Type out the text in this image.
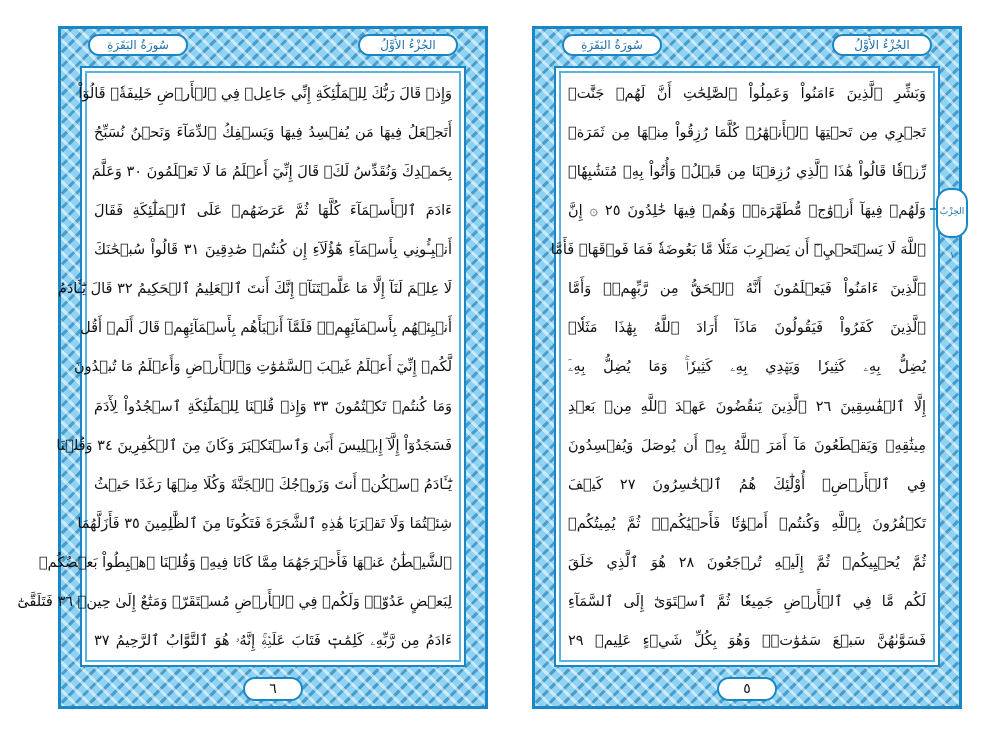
سُورَةُ البَقَرَةِ	الجُزْءُ الأَوَّلُ
وَإِذۡ قَالَ رَبُّكَ لِلۡمَلَٰٓئِكَةِ إِنِّي جَاعِلٞ فِي ٱلۡأَرۡضِ خَلِيفَةٗۖ قَالُوٓاْ
أَتَجۡعَلُ فِيهَا مَن يُفۡسِدُ فِيهَا وَيَسۡفِكُ ٱلدِّمَآءَ وَنَحۡنُ نُسَبِّحُ
بِحَمۡدِكَ وَنُقَدِّسُ لَكَۖ قَالَ إِنِّيٓ أَعۡلَمُ مَا لَا تَعۡلَمُونَ ٣٠ وَعَلَّمَ
ءَادَمَ ٱلۡأَسۡمَآءَ كُلَّهَا ثُمَّ عَرَضَهُمۡ عَلَى ٱلۡمَلَٰٓئِكَةِ فَقَالَ
أَنۢبِـُٔونِي بِأَسۡمَآءِ هَٰٓؤُلَآءِ إِن كُنتُمۡ صَٰدِقِينَ ٣١ قَالُواْ سُبۡحَٰنَكَ
لَا عِلۡمَ لَنَآ إِلَّا مَا عَلَّمۡتَنَآۖ إِنَّكَ أَنتَ ٱلۡعَلِيمُ ٱلۡحَكِيمُ ٣٢ قَالَ يَٰٓـَٔادَمُ
أَنۢبِئۡهُم بِأَسۡمَآئِهِمۡۖ فَلَمَّآ أَنۢبَأَهُم بِأَسۡمَآئِهِمۡ قَالَ أَلَمۡ أَقُل
لَّكُمۡ إِنِّيٓ أَعۡلَمُ غَيۡبَ ٱلسَّمَٰوَٰتِ وَٱلۡأَرۡضِ وَأَعۡلَمُ مَا تُبۡدُونَ
وَمَا كُنتُمۡ تَكۡتُمُونَ ٣٣ وَإِذۡ قُلۡنَا لِلۡمَلَٰٓئِكَةِ ٱسۡجُدُواْ لِأٓدَمَ
فَسَجَدُوٓاْ إِلَّآ إِبۡلِيسَ أَبَىٰ وَٱسۡتَكۡبَرَ وَكَانَ مِنَ ٱلۡكَٰفِرِينَ ٣٤ وَقُلۡنَا
يَٰٓـَٔادَمُ ٱسۡكُنۡ أَنتَ وَزَوۡجُكَ ٱلۡجَنَّةَ وَكُلَا مِنۡهَا رَغَدًا حَيۡثُ
شِئۡتُمَا وَلَا تَقۡرَبَا هَٰذِهِ ٱلشَّجَرَةَ فَتَكُونَا مِنَ ٱلظَّٰلِمِينَ ٣٥ فَأَزَلَّهُمَا
ٱلشَّيۡطَٰنُ عَنۡهَا فَأَخۡرَجَهُمَا مِمَّا كَانَا فِيهِۖ وَقُلۡنَا ٱهۡبِطُواْ بَعۡضُكُمۡ
لِبَعۡضٍ عَدُوّٞۖ وَلَكُمۡ فِي ٱلۡأَرۡضِ مُسۡتَقَرّٞ وَمَتَٰعٌ إِلَىٰ حِينٖ ٣٦ فَتَلَقَّىٰٓ
ءَادَمُ مِن رَّبِّهِۦ كَلِمَٰتٖ فَتَابَ عَلَيۡهِۚ إِنَّهُۥ هُوَ ٱلتَّوَّابُ ٱلرَّحِيمُ ٣٧
٦
سُورَةُ البَقَرَةِ	الجُزْءُ الأَوَّلُ
وَبَشِّرِ ٱلَّذِينَ ءَامَنُواْ وَعَمِلُواْ ٱلصَّٰلِحَٰتِ أَنَّ لَهُمۡ جَنَّٰتٖ
تَجۡرِي مِن تَحۡتِهَا ٱلۡأَنۡهَٰرُۖ كُلَّمَا رُزِقُواْ مِنۡهَا مِن ثَمَرَةٖ
رِّزۡقٗا قَالُواْ هَٰذَا ٱلَّذِي رُزِقۡنَا مِن قَبۡلُۖ وَأُتُواْ بِهِۦ مُتَشَٰبِهٗاۖ
وَلَهُمۡ فِيهَآ أَزۡوَٰجٞ مُّطَهَّرَةٞۖ وَهُمۡ فِيهَا خَٰلِدُونَ ٢٥ ۞ إِنَّ
ٱللَّهَ لَا يَسۡتَحۡيِۦٓ أَن يَضۡرِبَ مَثَلٗا مَّا بَعُوضَةٗ فَمَا فَوۡقَهَاۚ فَأَمَّا
ٱلَّذِينَ ءَامَنُواْ فَيَعۡلَمُونَ أَنَّهُ ٱلۡحَقُّ مِن رَّبِّهِمۡۖ وَأَمَّا
ٱلَّذِينَ كَفَرُواْ فَيَقُولُونَ مَاذَآ أَرَادَ ٱللَّهُ بِهَٰذَا مَثَلٗاۘ
يُضِلُّ بِهِۦ كَثِيرٗا وَيَهۡدِي بِهِۦ كَثِيرٗاۚ وَمَا يُضِلُّ بِهِۦٓ
إِلَّا ٱلۡفَٰسِقِينَ ٢٦ ٱلَّذِينَ يَنقُضُونَ عَهۡدَ ٱللَّهِ مِنۢ بَعۡدِ
مِيثَٰقِهِۦ وَيَقۡطَعُونَ مَآ أَمَرَ ٱللَّهُ بِهِۦٓ أَن يُوصَلَ وَيُفۡسِدُونَ
فِي ٱلۡأَرۡضِۚ أُوْلَٰٓئِكَ هُمُ ٱلۡخَٰسِرُونَ ٢٧ كَيۡفَ
تَكۡفُرُونَ بِٱللَّهِ وَكُنتُمۡ أَمۡوَٰتٗا فَأَحۡيَٰكُمۡۖ ثُمَّ يُمِيتُكُمۡ
ثُمَّ يُحۡيِيكُمۡ ثُمَّ إِلَيۡهِ تُرۡجَعُونَ ٢٨ هُوَ ٱلَّذِي خَلَقَ
لَكُم مَّا فِي ٱلۡأَرۡضِ جَمِيعٗا ثُمَّ ٱسۡتَوَىٰٓ إِلَى ٱلسَّمَآءِ
فَسَوَّىٰهُنَّ سَبۡعَ سَمَٰوَٰتٖۚ وَهُوَ بِكُلِّ شَيۡءٍ عَلِيمٞ ٢٩
٥
الحِزْبُ ١
